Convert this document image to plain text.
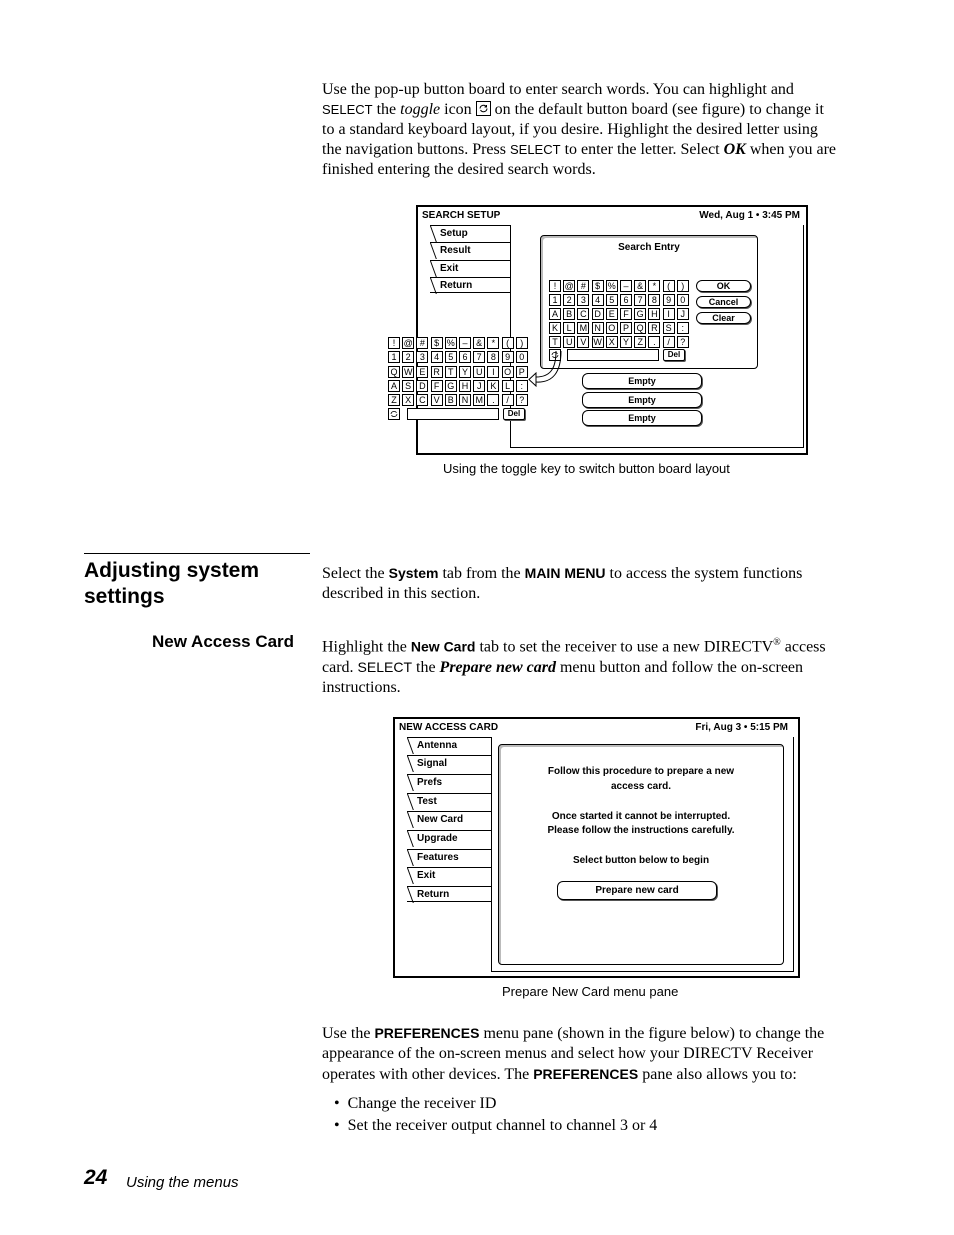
Use the pop-up button board to enter search words. You can highlight and

SELECT the toggle icon
on the default button board (see figure) to change it

to a standard keyboard layout, if you desire. Highlight the desired letter using

the navigation buttons. Press SELECT to enter the letter. Select OK when you are

finished entering the desired search words.

SEARCH SETUP	Wed, Aug 1 • 3:45 PM
Setup
Result
Exit
Return
Search Entry
! @ #	$ % – &	*	(	)
1	2	3	4	5	6	7	8	9	0
A B C D E F G H	I	J
K L M N O P Q R S	:
T U V W X Y Z	.	/	?
OK
Cancel
Clear
Del
Empty
Empty
Empty
! @ #	$ % – &	*	(	)
1	2	3	4	5	6	7	8	9	0
Q W E R T Y U	I	O P
A S D F G H J K L	:
Z X C V B N M	.	/	?
Del
Using the toggle key to switch button board layout
Adjusting system
settings

Select the System tab from the MAIN MENU to access the system functions

described in this section.

New Access Card Highlight the New Card tab to set the receiver to use a new DIRECTV® access

card. SELECT the Prepare new card menu button and follow the on-screen

instructions.

NEW ACCESS CARD	Fri, Aug 3 • 5:15 PM
Antenna
Signal
Prefs
Test
New Card
Upgrade
Features
Exit
Return
Follow this procedure to prepare a new
access card.
Once started it cannot be interrupted.
Please follow the instructions carefully.
Select button below to begin
Prepare new card
Prepare New Card menu pane

Use the PREFERENCES menu pane (shown in the figure below) to change the

appearance of the on-screen menus and select how your DIRECTV Receiver

operates with other devices. The PREFERENCES pane also allows you to:

• Change the receiver ID
• Set the receiver output channel to channel 3 or 4
24 Using the menus
